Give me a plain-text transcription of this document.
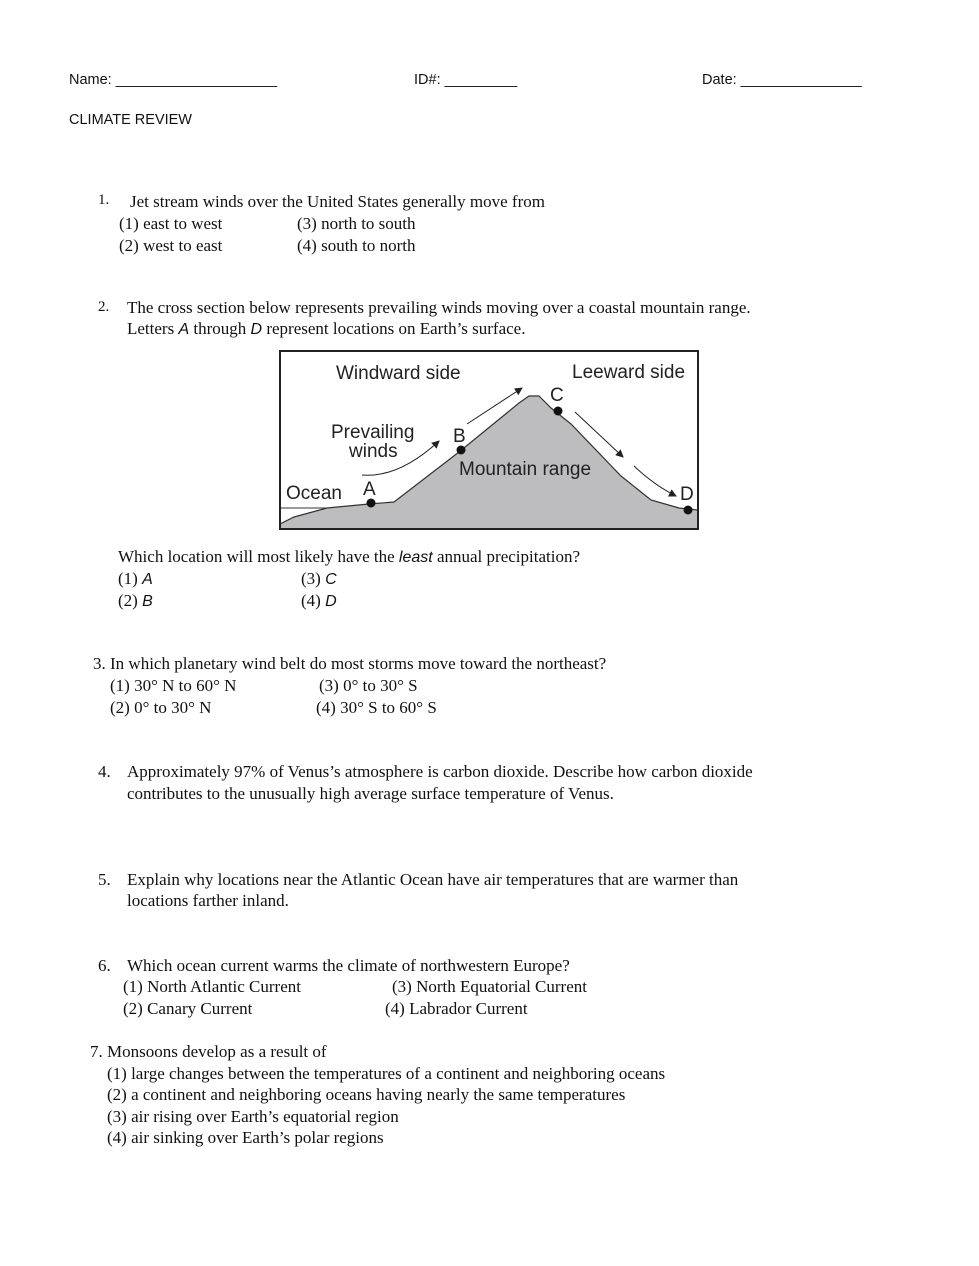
Name: ____________________	ID#: _________	Date: _______________
CLIMATE REVIEW
1. Jet stream winds over the United States generally move from
(1) east to west
(2) west to east
(3) north to south
(4) south to north
2. The cross section below represents prevailing winds moving over a coastal mountain range.
Letters A through D represent locations on Earth’s surface.
Windward side	Leeward side
Prevailing
winds
Mountain range
Ocean A
B
C
D
Which location will most likely have the least annual precipitation?
(1) A
(2) B
(3) C
(4) D
3. In which planetary wind belt do most storms move toward the northeast?
(1) 30° N to 60° N
(2) 0° to 30° N
(3) 0° to 30° S
(4) 30° S to 60° S
4. Approximately 97% of Venus’s atmosphere is carbon dioxide. Describe how carbon dioxide
contributes to the unusually high average surface temperature of Venus.
5. Explain why locations near the Atlantic Ocean have air temperatures that are warmer than
locations farther inland.
6. Which ocean current warms the climate of northwestern Europe?
(1) North Atlantic Current
(2) Canary Current
(3) North Equatorial Current
(4) Labrador Current
7. Monsoons develop as a result of
(1) large changes between the temperatures of a continent and neighboring oceans
(2) a continent and neighboring oceans having nearly the same temperatures
(3) air rising over Earth’s equatorial region
(4) air sinking over Earth’s polar regions
